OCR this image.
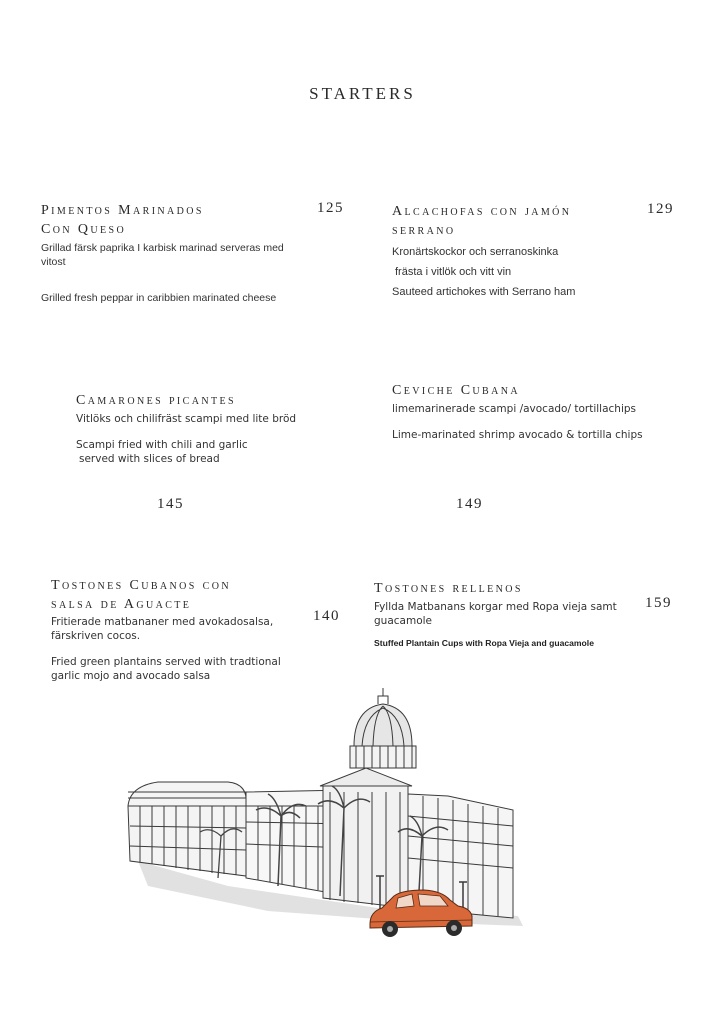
STARTERS
Pimentos Marinados
Con Queso
Grillad färsk paprika I karbisk marinad serveras med vitost
Grilled fresh peppar in caribbien marinated cheese
125	Alcachofas con jamón
serrano
Kronärtskockor och serranoskinka
frästa i vitlök och vitt vin
Sauteed artichokes with Serrano ham
129
Camarones picantes
Vitlöks och chilifräst scampi med lite bröd
Scampi fried with chili and garlic
served with slices of bread
145
Ceviche Cubana
limemarinerade scampi /avocado/ tortillachips
Lime-marinated shrimp avocado & tortilla chips
149
Tostones Cubanos con
salsa de Aguacte
Fritierade matbananer med avokadosalsa, färskriven cocos.
Fried green plantains served with tradtional garlic mojo and avocado salsa
140
Tostones rellenos
Fyllda Matbanans korgar med Ropa vieja samt guacamole
Stuffed Plantain Cups with Ropa Vieja and guacamole
159
